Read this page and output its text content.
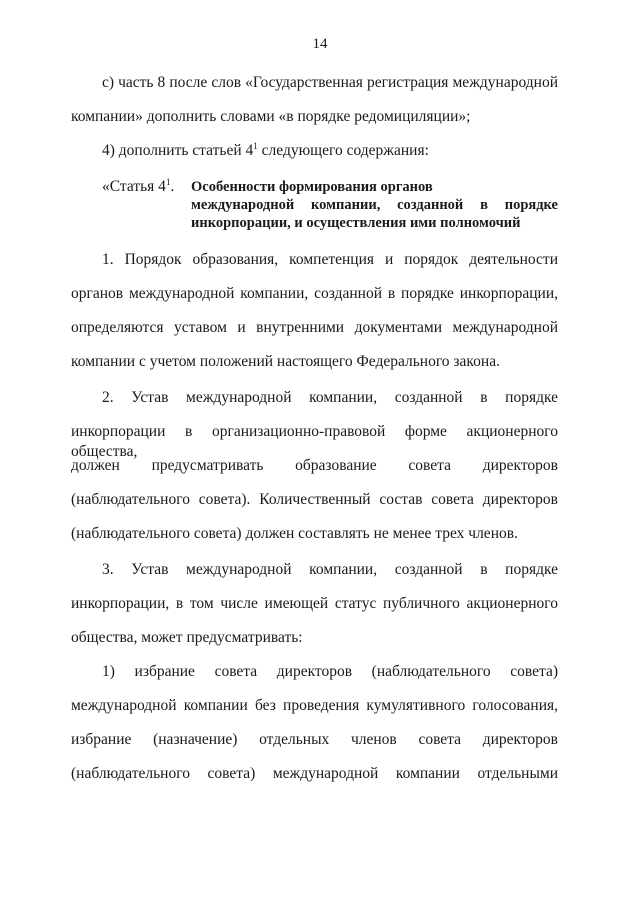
14
c) часть 8 после слов «Государственная регистрация международной
компании» дополнить словами «в порядке редомициляции»;
4) дополнить статьей $4^1$ следующего содержания:
«Статья $4^1$. Особенности формирования органов
международной компании, созданной в порядке
инкорпорации, и осуществления ими полномочий
1. Порядок образования, компетенция и порядок деятельности
органов международной компании, созданной в порядке инкорпорации,
определяются уставом и внутренними документами международной
компании с учетом положений настоящего Федерального закона.
2. Устав международной компании, созданной в порядке
инкорпорации в организационно-правовой форме акционерного общества,
должен предусматривать образование совета директоров
(наблюдательного совета). Количественный состав совета директоров
(наблюдательного совета) должен составлять не менее трех членов.
3. Устав международной компании, созданной в порядке
инкорпорации, в том числе имеющей статус публичного акционерного
общества, может предусматривать:
1) избрание совета директоров (наблюдательного совета)
международной компании без проведения кумулятивного голосования,
избрание (назначение) отдельных членов совета директоров
(наблюдательного совета) международной компании отдельными
